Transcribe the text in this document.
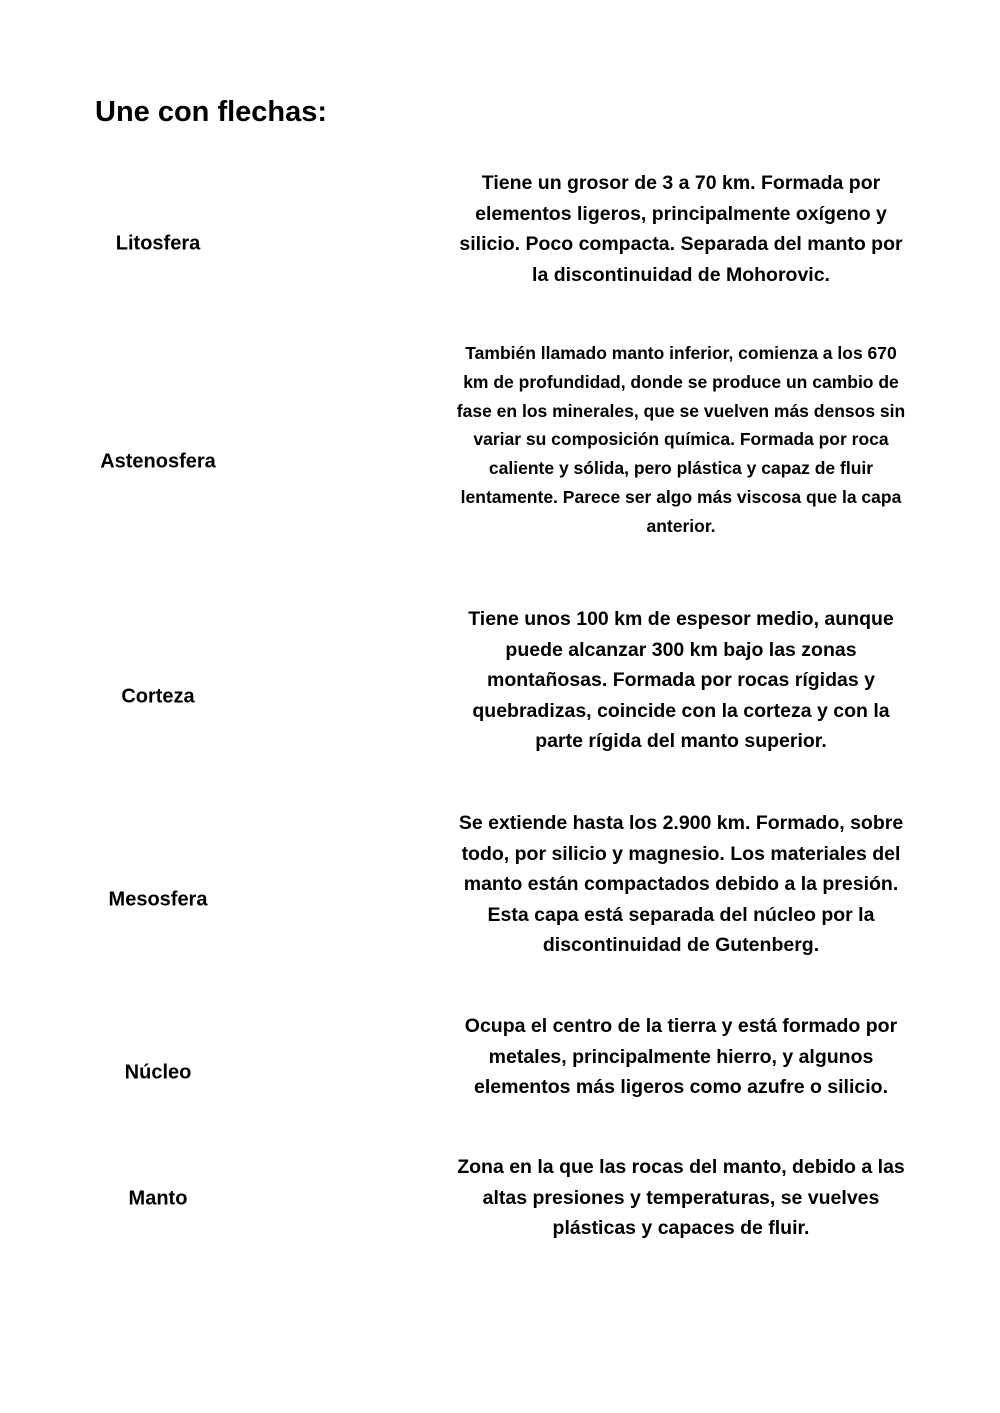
Une con flechas:
Litosfera
Astenosfera
Corteza
Mesosfera
Núcleo
Manto

Tiene un grosor de 3 a 70 km. Formada por elementos ligeros, principalmente oxígeno y silicio. Poco compacta. Separada del manto por la discontinuidad de Mohorovic.

También llamado manto inferior, comienza a los 670 km de profundidad, donde se produce un cambio de fase en los minerales, que se vuelven más densos sin variar su composición química. Formada por roca caliente y sólida, pero plástica y capaz de fluir lentamente. Parece ser algo más viscosa que la capa anterior.

Tiene unos 100 km de espesor medio, aunque puede alcanzar 300 km bajo las zonas montañosas. Formada por rocas rígidas y quebradizas, coincide con la corteza y con la parte rígida del manto superior.

Se extiende hasta los 2.900 km. Formado, sobre todo, por silicio y magnesio. Los materiales del manto están compactados debido a la presión. Esta capa está separada del núcleo por la discontinuidad de Gutenberg.

Ocupa el centro de la tierra y está formado por metales, principalmente hierro, y algunos elementos más ligeros como azufre o silicio.

Zona en la que las rocas del manto, debido a las altas presiones y temperaturas, se vuelves plásticas y capaces de fluir.
